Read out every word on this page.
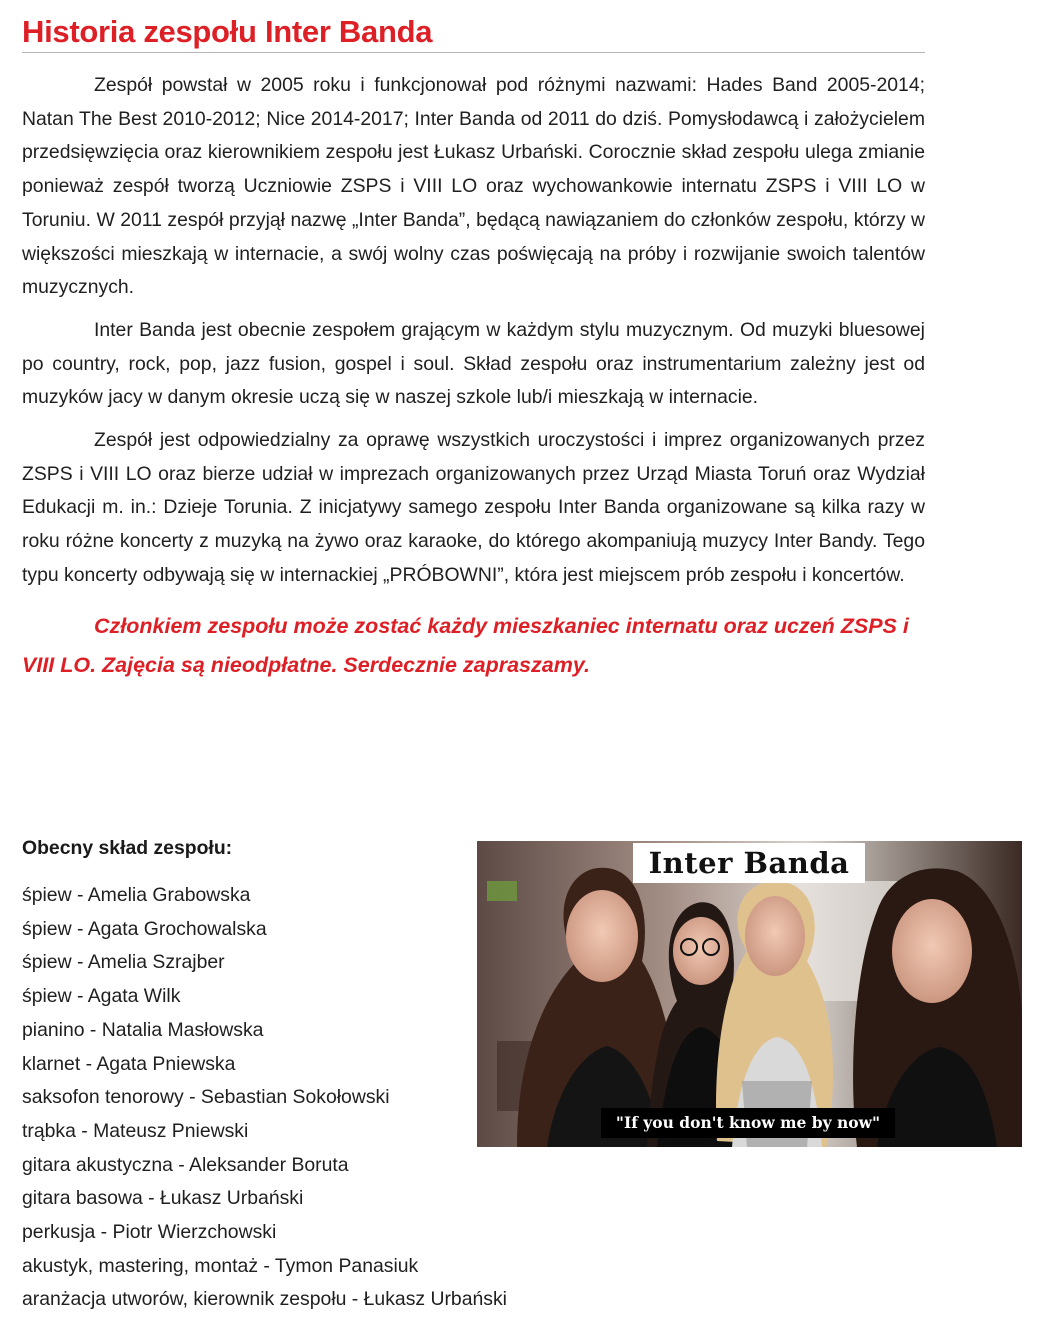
Historia zespołu Inter Banda

Zespół powstał w 2005 roku i funkcjonował pod różnymi nazwami: Hades Band 2005-2014; Natan The Best 2010-2012; Nice 2014-2017; Inter Banda od 2011 do dziś. Pomysłodawcą i założycielem przedsięwzięcia oraz kierownikiem zespołu jest Łukasz Urbański. Corocznie skład zespołu ulega zmianie ponieważ zespół tworzą Uczniowie ZSPS i VIII LO oraz wychowankowie internatu ZSPS i VIII LO w Toruniu. W 2011 zespół przyjął nazwę „Inter Banda”, będącą nawiązaniem do członków zespołu, którzy w większości mieszkają w internacie, a swój wolny czas poświęcają na próby i rozwijanie swoich talentów muzycznych.

Inter Banda jest obecnie zespołem grającym w każdym stylu muzycznym. Od muzyki bluesowej po country, rock, pop, jazz fusion, gospel i soul. Skład zespołu oraz instrumentarium zależny jest od muzyków jacy w danym okresie uczą się w naszej szkole lub/i mieszkają w internacie.

Zespół jest odpowiedzialny za oprawę wszystkich uroczystości i imprez organizowanych przez ZSPS i VIII LO oraz bierze udział w imprezach organizowanych przez Urząd Miasta Toruń oraz Wydział Edukacji m. in.: Dzieje Torunia. Z inicjatywy samego zespołu Inter Banda organizowane są kilka razy w roku różne koncerty z muzyką na żywo oraz karaoke, do którego akompaniują muzycy Inter Bandy. Tego typu koncerty odbywają się w internackiej „PRÓBOWNI”, która jest miejscem prób zespołu i koncertów.

Członkiem zespołu może zostać każdy mieszkaniec internatu oraz uczeń ZSPS i VIII LO. Zajęcia są nieodpłatne. Serdecznie zapraszamy.

Obecny skład zespołu:
śpiew - Amelia Grabowska
śpiew - Agata Grochowalska
śpiew - Amelia Szrajber
śpiew - Agata Wilk
pianino - Natalia Masłowska
klarnet - Agata Pniewska
saksofon tenorowy - Sebastian Sokołowski
trąbka - Mateusz Pniewski
gitara akustyczna - Aleksander Boruta
gitara basowa - Łukasz Urbański
perkusja - Piotr Wierzchowski
akustyk, mastering, montaż - Tymon Panasiuk
aranżacja utworów, kierownik zespołu - Łukasz Urbański
Inter Banda
"If you don't know me by now"
